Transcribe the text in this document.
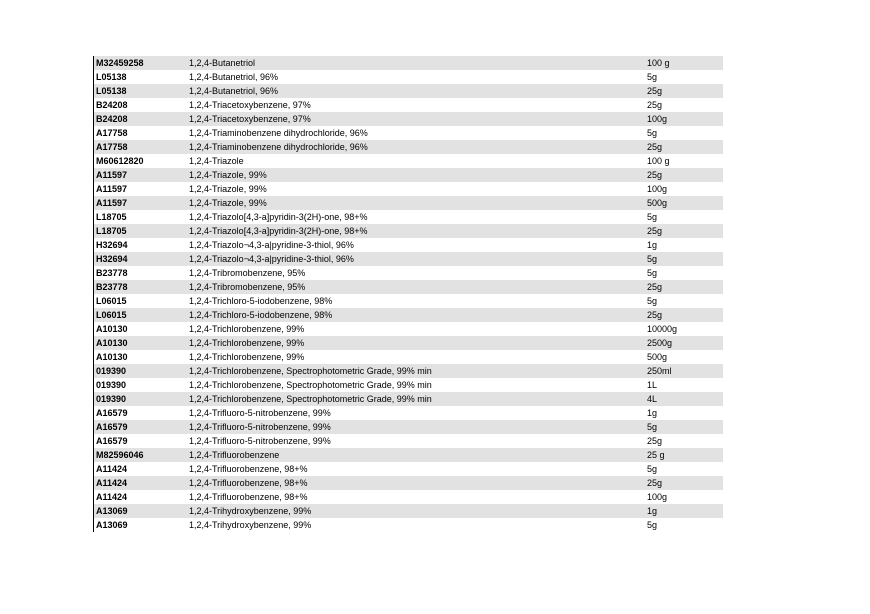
M32459258	1,2,4-Butanetriol	100 g
L05138	1,2,4-Butanetriol, 96%	5g
L05138	1,2,4-Butanetriol, 96%	25g
B24208	1,2,4-Triacetoxybenzene, 97%	25g
B24208	1,2,4-Triacetoxybenzene, 97%	100g
A17758	1,2,4-Triaminobenzene dihydrochloride, 96%	5g
A17758	1,2,4-Triaminobenzene dihydrochloride, 96%	25g
M60612820	1,2,4-Triazole	100 g
A11597	1,2,4-Triazole, 99%	25g
A11597	1,2,4-Triazole, 99%	100g
A11597	1,2,4-Triazole, 99%	500g
L18705	1,2,4-Triazolo[4,3-a]pyridin-3(2H)-one, 98+%	5g
L18705	1,2,4-Triazolo[4,3-a]pyridin-3(2H)-one, 98+%	25g
H32694	1,2,4-Triazolo¬4,3-a|pyridine-3-thiol, 96%	1g
H32694	1,2,4-Triazolo¬4,3-a|pyridine-3-thiol, 96%	5g
B23778	1,2,4-Tribromobenzene, 95%	5g
B23778	1,2,4-Tribromobenzene, 95%	25g
L06015	1,2,4-Trichloro-5-iodobenzene, 98%	5g
L06015	1,2,4-Trichloro-5-iodobenzene, 98%	25g
A10130	1,2,4-Trichlorobenzene, 99%	10000g
A10130	1,2,4-Trichlorobenzene, 99%	2500g
A10130	1,2,4-Trichlorobenzene, 99%	500g
019390	1,2,4-Trichlorobenzene, Spectrophotometric Grade, 99% min	250ml
019390	1,2,4-Trichlorobenzene, Spectrophotometric Grade, 99% min	1L
019390	1,2,4-Trichlorobenzene, Spectrophotometric Grade, 99% min	4L
A16579	1,2,4-Trifluoro-5-nitrobenzene, 99%	1g
A16579	1,2,4-Trifluoro-5-nitrobenzene, 99%	5g
A16579	1,2,4-Trifluoro-5-nitrobenzene, 99%	25g
M82596046	1,2,4-Trifluorobenzene	25 g
A11424	1,2,4-Trifluorobenzene, 98+%	5g
A11424	1,2,4-Trifluorobenzene, 98+%	25g
A11424	1,2,4-Trifluorobenzene, 98+%	100g
A13069	1,2,4-Trihydroxybenzene, 99%	1g
A13069	1,2,4-Trihydroxybenzene, 99%	5g
